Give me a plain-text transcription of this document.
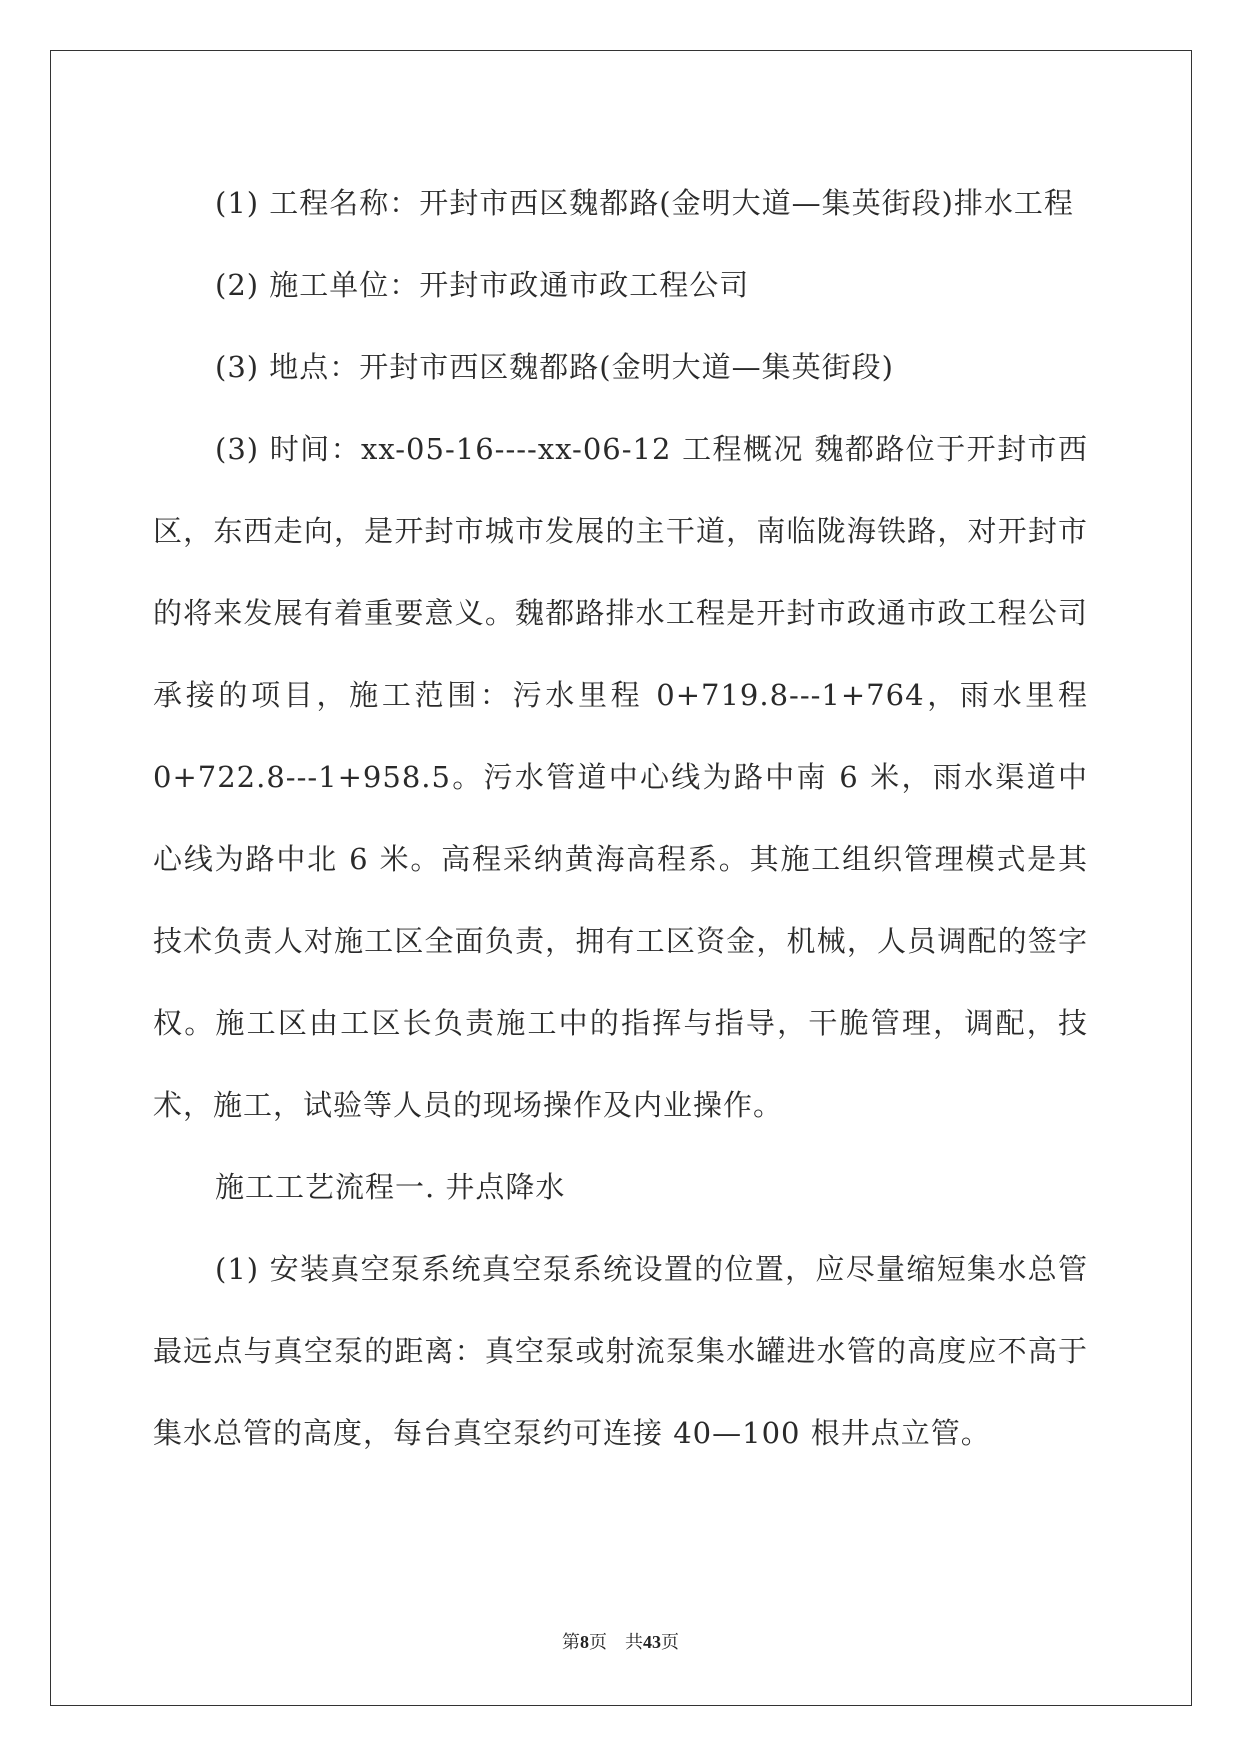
(1) 工程名称：开封市西区魏都路(金明大道—集英街段)排水工程

(2) 施工单位：开封市政通市政工程公司

(3) 地点：开封市西区魏都路(金明大道—集英街段)

(3) 时间：xx-05-16----xx-06-12 工程概况 魏都路位于开封市西区，东西走向，是开封市城市发展的主干道，南临陇海铁路，对开封市的将来发展有着重要意义。魏都路排水工程是开封市政通市政工程公司承接的项目，施工范围：污水里程 0+719.8---1+764，雨水里程 0+722.8---1+958.5。污水管道中心线为路中南 6 米，雨水渠道中心线为路中北 6 米。高程采纳黄海高程系。其施工组织管理模式是其技术负责人对施工区全面负责，拥有工区资金，机械，人员调配的签字权。施工区由工区长负责施工中的指挥与指导，干脆管理，调配，技术，施工，试验等人员的现场操作及内业操作。

施工工艺流程一. 井点降水

(1) 安装真空泵系统真空泵系统设置的位置，应尽量缩短集水总管最远点与真空泵的距离：真空泵或射流泵集水罐进水管的高度应不高于集水总管的高度，每台真空泵约可连接 40—100 根井点立管。

第8页　共43页
